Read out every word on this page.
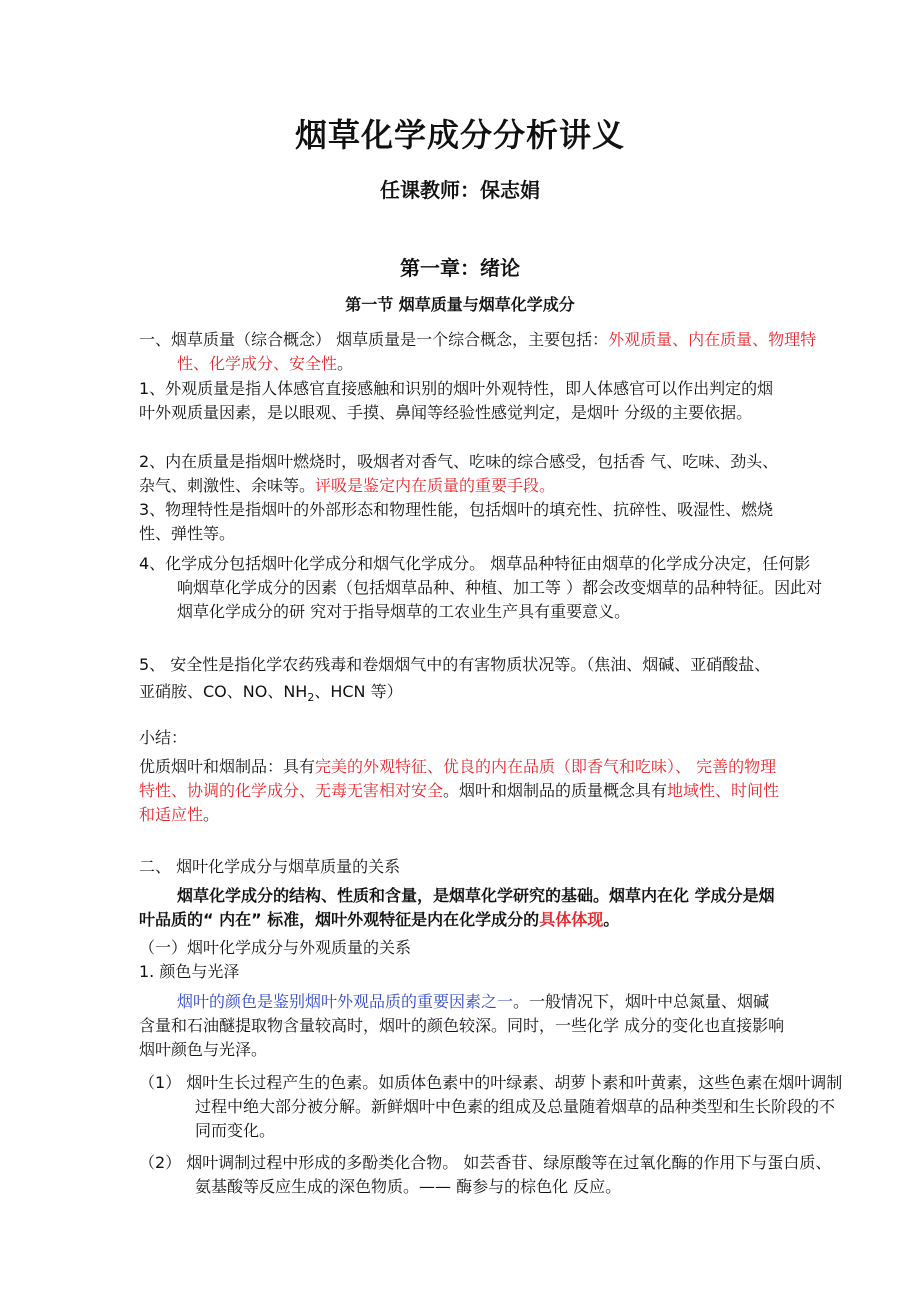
烟草化学成分分析讲义
任课教师：保志娟
第一章：绪论
第一节 烟草质量与烟草化学成分

一、烟草质量（综合概念） 烟草质量是一个综合概念，主要包括：外观质量、内在质量、物理特性、化学成分、安全性。

1、外观质量是指人体感官直接感触和识别的烟叶外观特性，即人体感官可以作出判定的烟叶外观质量因素，是以眼观、手摸、鼻闻等经验性感觉判定，是烟叶 分级的主要依据。

2、内在质量是指烟叶燃烧时，吸烟者对香气、吃味的综合感受，包括香 气、吃味、劲头、杂气、刺激性、余味等。评吸是鉴定内在质量的重要手段。

3、物理特性是指烟叶的外部形态和物理性能，包括烟叶的填充性、抗碎性、吸湿性、燃烧性、弹性等。

4、化学成分包括烟叶化学成分和烟气化学成分。 烟草品种特征由烟草的化学成分决定，任何影响烟草化学成分的因素（包括烟草品种、种植、加工等 ）都会改变烟草的品种特征。因此对烟草化学成分的研 究对于指导烟草的工农业生产具有重要意义。

5、 安全性是指化学农药残毒和卷烟烟气中的有害物质状况等。（焦油、烟碱、亚硝酸盐、亚硝胺、CO、NO、$NH_2$、HCN 等）

小结：

优质烟叶和烟制品：具有完美的外观特征、优良的内在品质（即香气和吃味）、 完善的物理特性、协调的化学成分、无毒无害相对安全。烟叶和烟制品的质量概念具有地域性、时间性和适应性。

二、 烟叶化学成分与烟草质量的关系

烟草化学成分的结构、性质和含量，是烟草化学研究的基础。烟草内在化 学成分是烟叶品质的“ 内在” 标准，烟叶外观特征是内在化学成分的具体体现。

（一）烟叶化学成分与外观质量的关系

1. 颜色与光泽

烟叶的颜色是鉴别烟叶外观品质的重要因素之一。一般情况下，烟叶中总氮量、烟碱含量和石油醚提取物含量较高时，烟叶的颜色较深。同时，一些化学 成分的变化也直接影响烟叶颜色与光泽。

（1） 烟叶生长过程产生的色素。如质体色素中的叶绿素、胡萝卜素和叶黄素，这些色素在烟叶调制过程中绝大部分被分解。新鲜烟叶中色素的组成及总量随着烟草的品种类型和生长阶段的不同而变化。

（2） 烟叶调制过程中形成的多酚类化合物。 如芸香苷、绿原酸等在过氧化酶的作用下与蛋白质、氨基酸等反应生成的深色物质。—— 酶参与的棕色化 反应。
